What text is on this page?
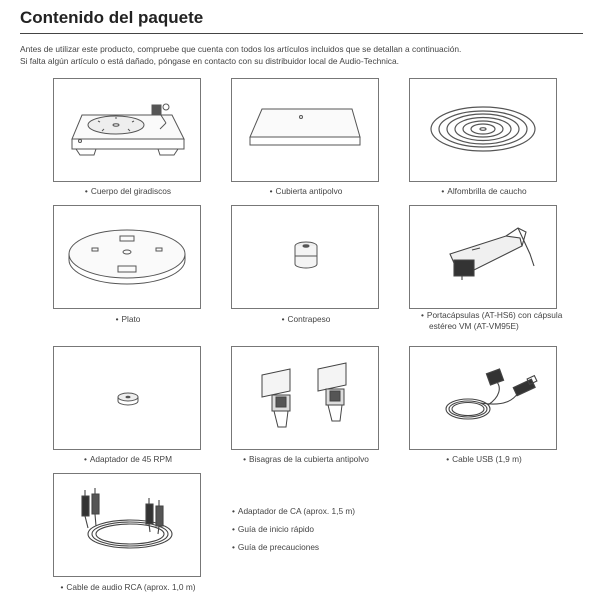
Contenido del paquete
Antes de utilizar este producto, compruebe que cuenta con todos los artículos incluidos que se detallan a continuación.
Si falta algún artículo o está dañado, póngase en contacto con su distribuidor local de Audio-Technica.
• Cuerpo del giradiscos	• Cubierta antipolvo	• Alfombrilla de caucho
• Plato	• Contrapeso	• Portacápsulas (AT-HS6) con cápsula
estéreo VM (AT-VM95E)
• Adaptador de 45 RPM	• Bisagras de la cubierta antipolvo	• Cable USB (1,9 m)
• Cable de audio RCA (aprox. 1,0 m)
• Adaptador de CA (aprox. 1,5 m)
• Guía de inicio rápido
• Guía de precauciones
